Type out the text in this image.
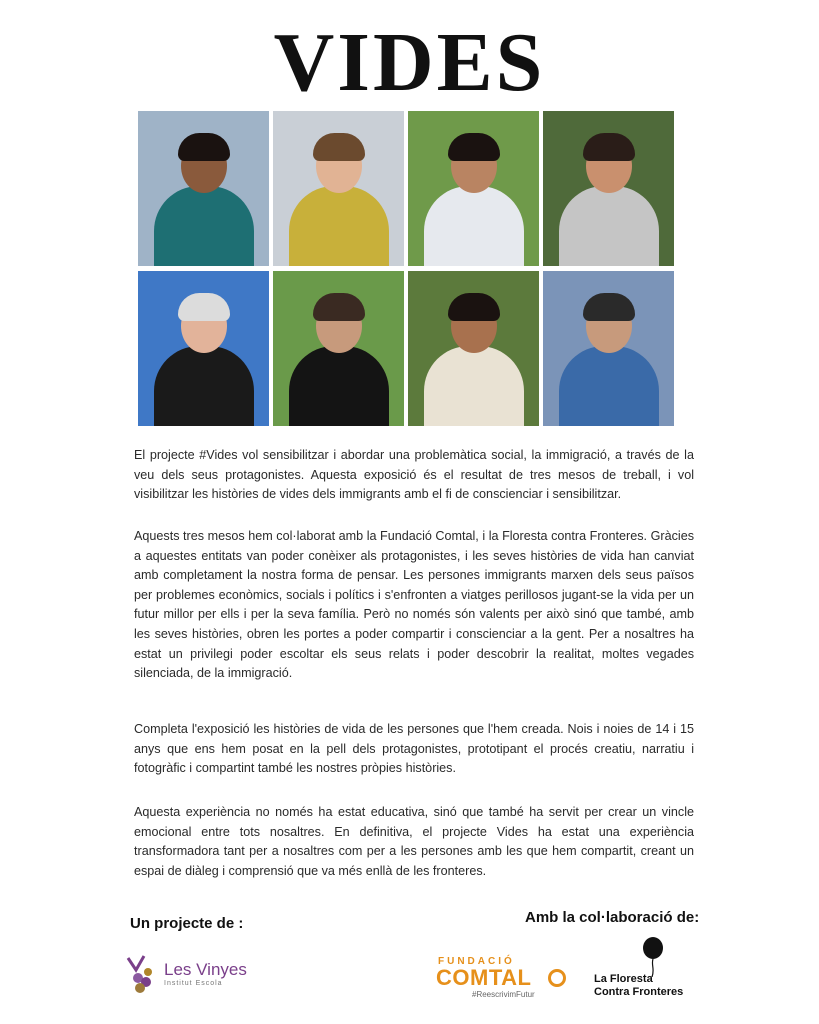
VIDES

El projecte #Vides vol sensibilitzar i abordar una problemàtica social, la immigració, a través de la veu dels seus protagonistes. Aquesta exposició és el resultat de tres mesos de treball, i vol visibilitzar les històries de vides dels immigrants amb el fi de conscienciar i sensibilitzar.

Aquests tres mesos hem col·laborat amb la Fundació Comtal, i la Floresta contra Fronteres. Gràcies a aquestes entitats van poder conèixer als protagonistes, i les seves històries de vida han canviat amb completament la nostra forma de pensar. Les persones immigrants marxen dels seus països per problemes econòmics, socials i polítics i s'enfronten a viatges perillosos jugant-se la vida per un futur millor per ells i per la seva família. Però no només són valents per això sinó que també, amb les seves històries, obren les portes a poder compartir i conscienciar a la gent. Per a nosaltres ha estat un privilegi poder escoltar els seus relats i poder descobrir la realitat, moltes vegades silenciada, de la immigració.

Completa l'exposició les històries de vida de les persones que l'hem creada. Nois i noies de 14 i 15 anys que ens hem posat en la pell dels protagonistes, prototipant el procés creatiu, narratiu i fotogràfic i compartint també les nostres pròpies històries.

Aquesta experiència no només ha estat educativa, sinó que també ha servit per crear un vincle emocional entre tots nosaltres. En definitiva, el projecte Vides ha estat una experiència transformadora tant per a nosaltres com per a les persones amb les que hem compartit, creant un espai de diàleg i comprensió que va més enllà de les fronteres.

Un projecte de :	Amb la col·laboració de:
Les Vinyes
Institut Escola
FUNDACIÓ
COMTAL
#ReescrivimFutur
La Floresta
Contra Fronteres
